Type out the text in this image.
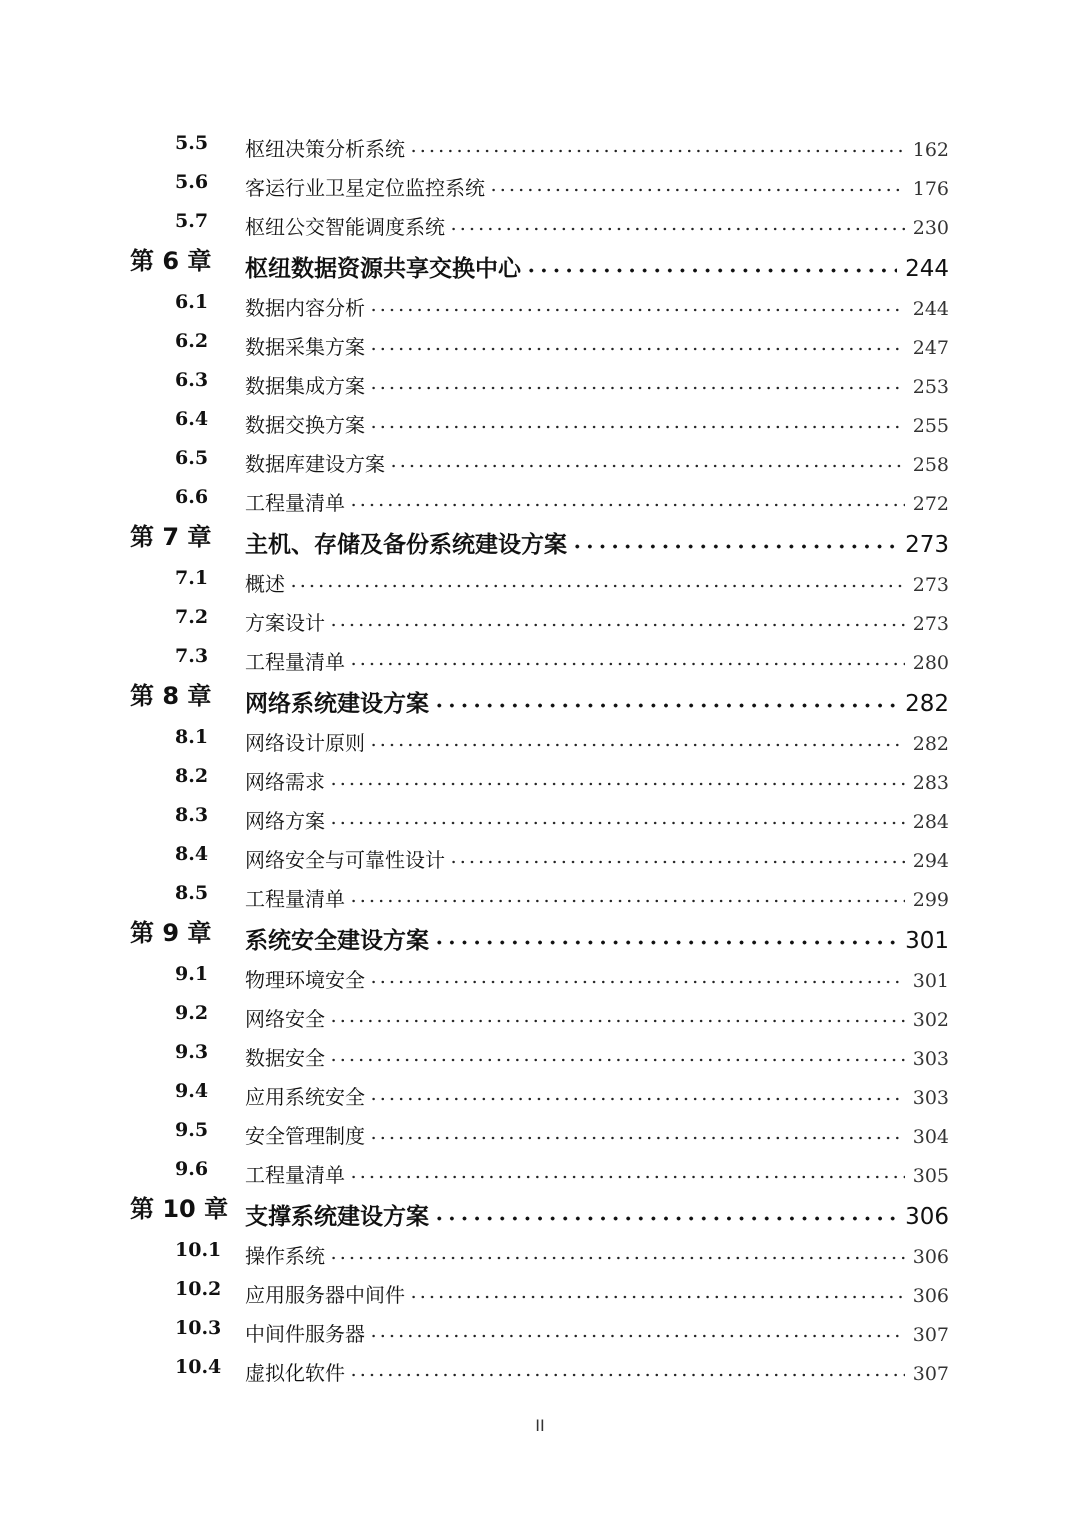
5.5 枢纽决策分析系统	162
5.6 客运行业卫星定位监控系统	176
5.7 枢纽公交智能调度系统	230
第 6 章 枢纽数据资源共享交换中心	244
6.1 数据内容分析	244
6.2 数据采集方案	247
6.3 数据集成方案	253
6.4 数据交换方案	255
6.5 数据库建设方案	258
6.6 工程量清单	272
第 7 章 主机、存储及备份系统建设方案	273
7.1 概述	273
7.2 方案设计	273
7.3 工程量清单	280
第 8 章 网络系统建设方案	282
8.1 网络设计原则	282
8.2 网络需求	283
8.3 网络方案	284
8.4 网络安全与可靠性设计	294
8.5 工程量清单	299
第 9 章 系统安全建设方案	301
9.1 物理环境安全	301
9.2 网络安全	302
9.3 数据安全	303
9.4 应用系统安全	303
9.5 安全管理制度	304
9.6 工程量清单	305
第 10 章 支撑系统建设方案	306
10.1 操作系统	306
10.2 应用服务器中间件	306
10.3 中间件服务器	307
10.4 虚拟化软件	307
II
